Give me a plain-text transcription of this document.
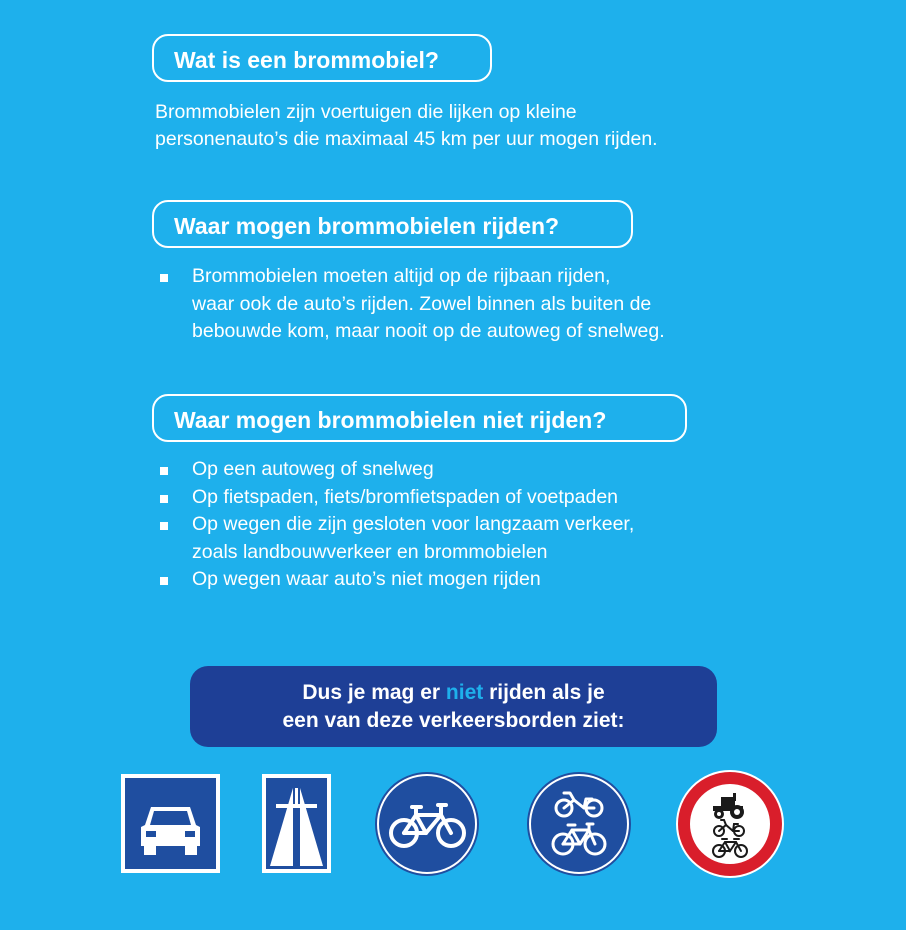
Wat is een brommobiel?
Brommobielen zijn voertuigen die lijken op kleine
personenauto’s die maximaal 45 km per uur mogen rijden.
Waar mogen brommobielen rijden?
Brommobielen moeten altijd op de rijbaan rijden,
waar ook de auto’s rijden. Zowel binnen als buiten de
bebouwde kom, maar nooit op de autoweg of snelweg.
Waar mogen brommobielen niet rijden?
Op een autoweg of snelweg
Op fietspaden, fiets/bromfietspaden of voetpaden
Op wegen die zijn gesloten voor langzaam verkeer,
zoals landbouwverkeer en brommobielen
Op wegen waar auto’s niet mogen rijden
Dus je mag er niet rijden als je
een van deze verkeersborden ziet:
